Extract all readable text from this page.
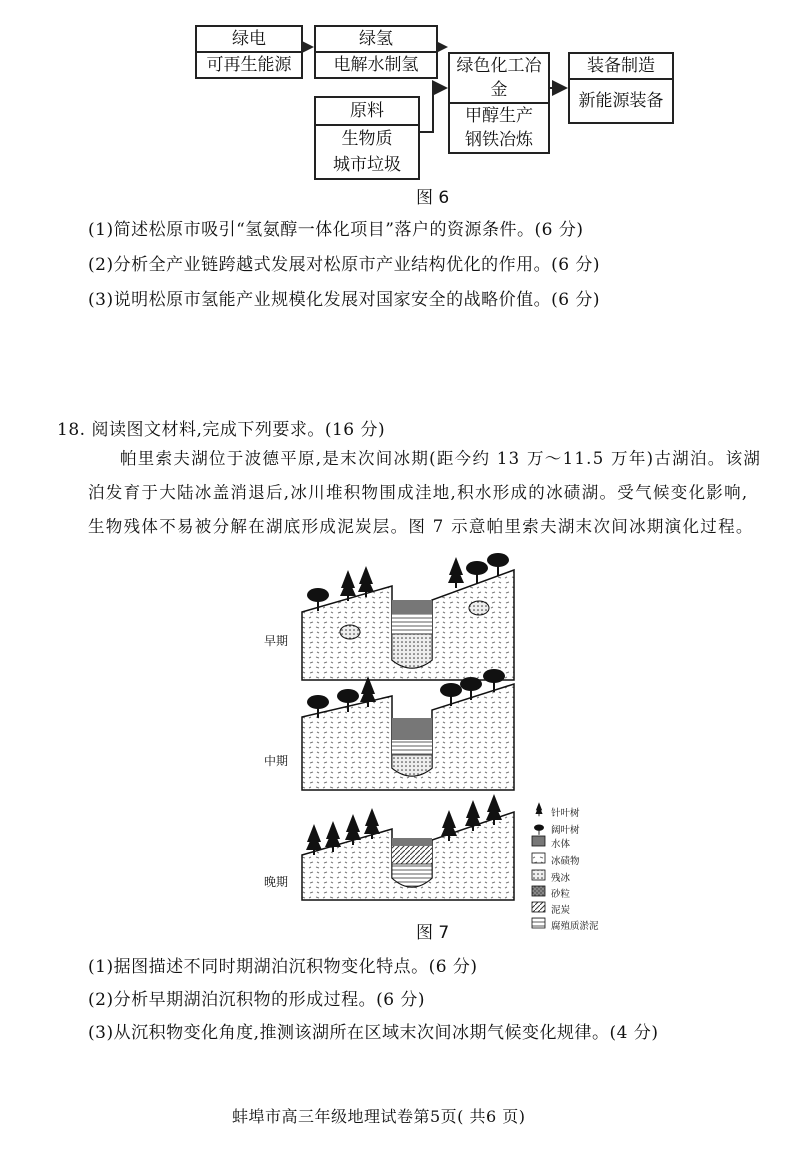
绿电
可再生能源
绿氢
电解水制氢
原料
生物质
城市垃圾
绿色化工冶金
甲醇生产
钢铁冶炼
装备制造
新能源装备
图 6
(1)简述松原市吸引“氢氨醇一体化项目”落户的资源条件。(6 分)
(2)分析全产业链跨越式发展对松原市产业结构优化的作用。(6 分)
(3)说明松原市氢能产业规模化发展对国家安全的战略价值。(6 分)
18. 阅读图文材料,完成下列要求。(16 分)
帕里索夫湖位于波德平原,是末次间冰期(距今约 13 万～11.5 万年)古湖泊。该湖
泊发育于大陆冰盖消退后,冰川堆积物围成洼地,积水形成的冰碛湖。受气候变化影响,
生物残体不易被分解在湖底形成泥炭层。图 7 示意帕里索夫湖末次间冰期演化过程。
早期
中期
晚期
针叶树
阔叶树
水体
冰碛物
残冰
砂粒
泥炭
腐殖质淤泥
图 7
(1)据图描述不同时期湖泊沉积物变化特点。(6 分)
(2)分析早期湖泊沉积物的形成过程。(6 分)
(3)从沉积物变化角度,推测该湖所在区域末次间冰期气候变化规律。(4 分)
蚌埠市高三年级地理试卷第5页( 共6 页)
